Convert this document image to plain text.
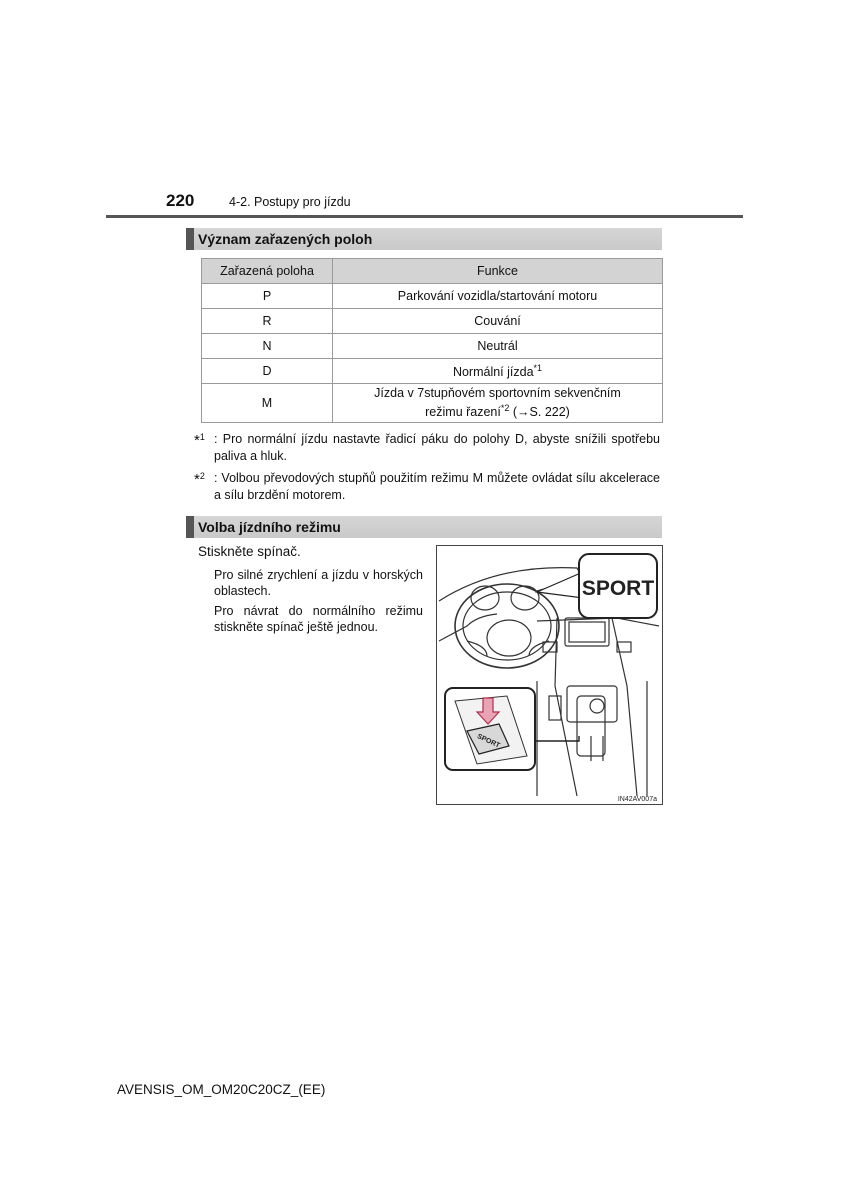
220	4-2. Postupy pro jízdu
Význam zařazených poloh
Zařazená poloha	Funkce
P	Parkování vozidla/startování motoru
R	Couvání
N	Neutrál
D	Normální jízda$^{*1}$
M	Jízda v 7stupňovém sportovním sekvenčním
režimu řazení$^{*2}$ (→S. 222)
*$^1$ : Pro normální jízdu nastavte řadicí páku do polohy D, abyste snížili spotřebu paliva a hluk.
*$^2$ : Volbou převodových stupňů použitím režimu M můžete ovládat sílu akcelerace a sílu brzdění motorem.
Volba jízdního režimu
Stiskněte spínač.
Pro silné zrychlení a jízdu v horských oblastech.
Pro návrat do normálního režimu stiskněte spínač ještě jednou.
SPORT
SPORT
IN42AV007a
AVENSIS_OM_OM20C20CZ_(EE)
